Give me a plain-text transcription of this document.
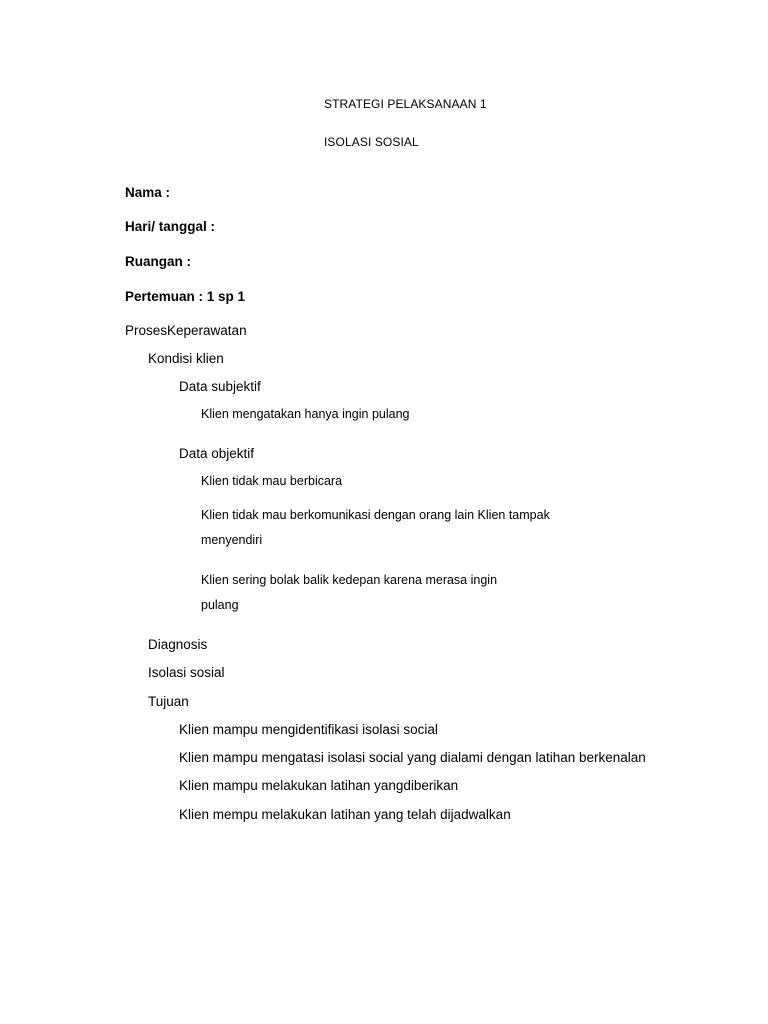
STRATEGI PELAKSANAAN 1
ISOLASI SOSIAL
Nama :
Hari/ tanggal :
Ruangan :
Pertemuan : 1 sp 1
ProsesKeperawatan
Kondisi klien
Data subjektif
Klien mengatakan hanya ingin pulang
Data objektif
Klien tidak mau berbicara
Klien tidak mau berkomunikasi dengan orang lain Klien tampak
menyendiri
Klien sering bolak balik kedepan karena merasa ingin
pulang
Diagnosis
Isolasi sosial
Tujuan
Klien mampu mengidentifikasi isolasi social
Klien mampu mengatasi isolasi social yang dialami dengan latihan berkenalan
Klien mampu melakukan latihan yangdiberikan
Klien mempu melakukan latihan yang telah dijadwalkan
